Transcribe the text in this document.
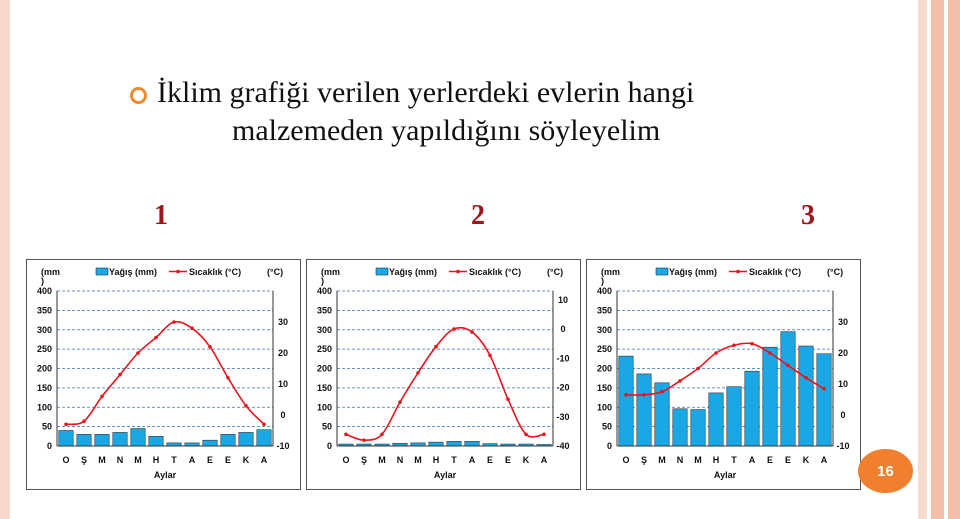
İklim grafiği verilen yerlerdeki evlerin hangi
malzemeden yapıldığını söyleyelim
1	2	3
(mm
)
(°C)
Yağış (mm)	Sıcaklık (°C)
400
350
300
250
200
150
100
50
0
30
20
10
0
-10
O Ş M N M H T A E E K A
Aylar
(mm
)
(°C)
Yağış (mm)	Sıcaklık (°C)
400
350
300
250
200
150
100
50
0
10
0
-10
-20
-30
-40
O Ş M N M H T A E E K A
Aylar
(mm
)
(°C)
Yağış (mm)	Sıcaklık (°C)
400
350
300
250
200
150
100
50
0
30
20
10
0
-10
O Ş M N M H T A E E K A
Aylar	16
